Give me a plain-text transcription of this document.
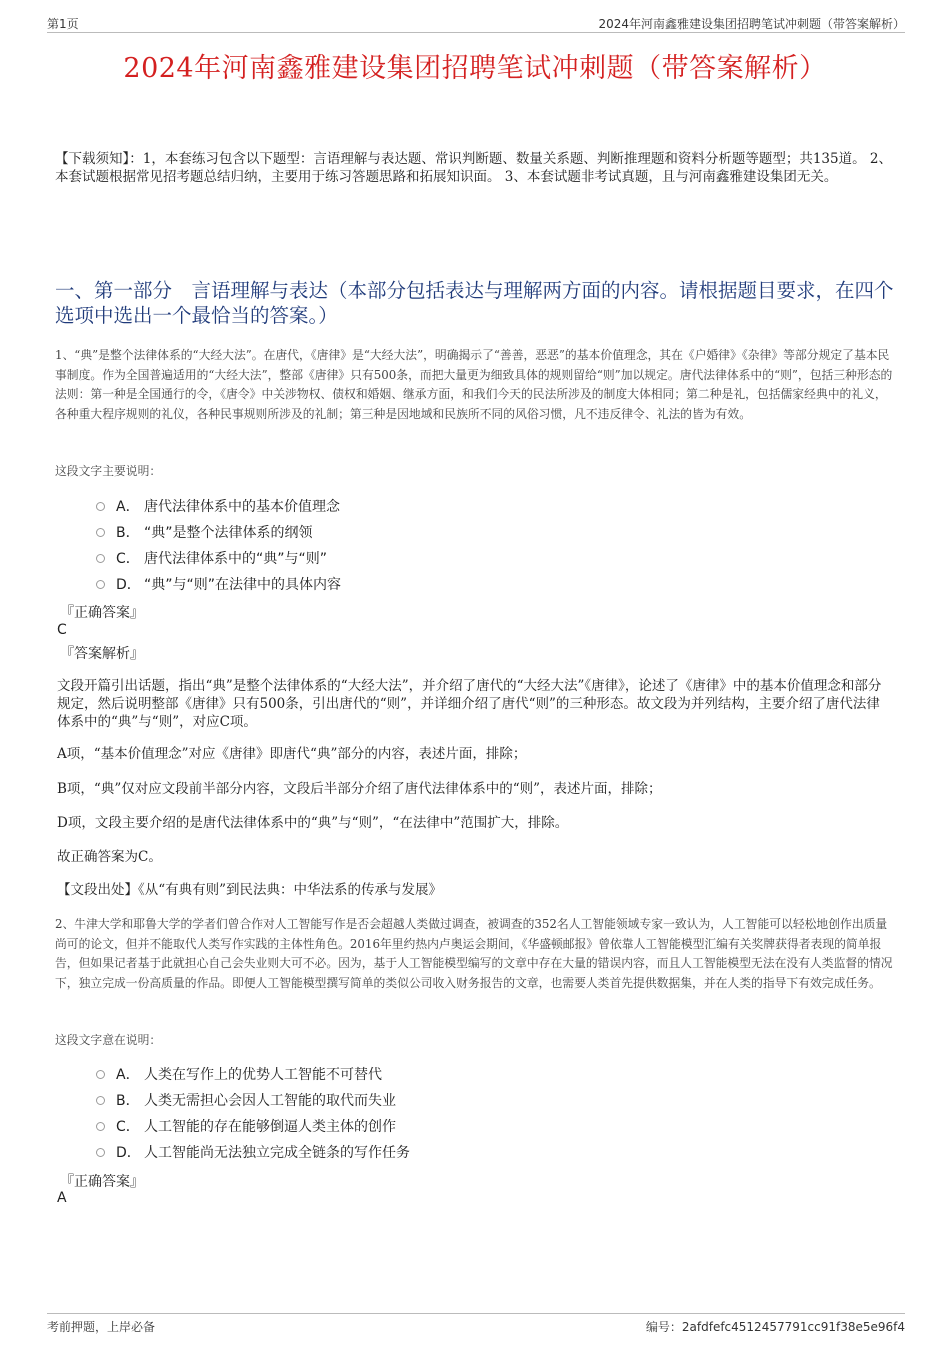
第1页	2024年河南鑫雅建设集团招聘笔试冲刺题（带答案解析）
2024年河南鑫雅建设集团招聘笔试冲刺题（带答案解析）
【下载须知】：1，本套练习包含以下题型：言语理解与表达题、常识判断题、数量关系题、判断推理题和资料分析题等题型；共135道。 2、本套试题根据常见招考题总结归纳，主要用于练习答题思路和拓展知识面。 3、本套试题非考试真题，且与河南鑫雅建设集团无关。
一、第一部分　言语理解与表达（本部分包括表达与理解两方面的内容。请根据题目要求，在四个选项中选出一个最恰当的答案。）
1、“典”是整个法律体系的“大经大法”。在唐代，《唐律》是“大经大法”，明确揭示了“善善，恶恶”的基本价值理念，其在《户婚律》《杂律》等部分规定了基本民事制度。作为全国普遍适用的“大经大法”，整部《唐律》只有500条，而把大量更为细致具体的规则留给“则”加以规定。唐代法律体系中的“则”，包括三种形态的法则：第一种是全国通行的令，《唐令》中关涉物权、债权和婚姻、继承方面，和我们今天的民法所涉及的制度大体相同；第二种是礼，包括儒家经典中的礼义，各种重大程序规则的礼仪，各种民事规则所涉及的礼制；第三种是因地域和民族所不同的风俗习惯，凡不违反律令、礼法的皆为有效。
这段文字主要说明：
A． 唐代法律体系中的基本价值理念
B． “典”是整个法律体系的纲领
C． 唐代法律体系中的“典”与“则”
D． “典”与“则”在法律中的具体内容
『正确答案』
C
『答案解析』
文段开篇引出话题，指出“典”是整个法律体系的“大经大法”，并介绍了唐代的“大经大法”《唐律》，论述了《唐律》中的基本价值理念和部分规定，然后说明整部《唐律》只有500条，引出唐代的“则”，并详细介绍了唐代“则”的三种形态。故文段为并列结构，主要介绍了唐代法律体系中的“典”与“则”，对应C项。
A项，“基本价值理念”对应《唐律》即唐代“典”部分的内容，表述片面，排除；
B项，“典”仅对应文段前半部分内容，文段后半部分介绍了唐代法律体系中的“则”，表述片面，排除；
D项，文段主要介绍的是唐代法律体系中的“典”与“则”，“在法律中”范围扩大，排除。
故正确答案为C。
【文段出处】《从“有典有则”到民法典：中华法系的传承与发展》
2、牛津大学和耶鲁大学的学者们曾合作对人工智能写作是否会超越人类做过调查，被调查的352名人工智能领域专家一致认为，人工智能可以轻松地创作出质量尚可的论文，但并不能取代人类写作实践的主体性角色。2016年里约热内卢奥运会期间，《华盛顿邮报》曾依靠人工智能模型汇编有关奖牌获得者表现的简单报告，但如果记者基于此就担心自己会失业则大可不必。因为，基于人工智能模型编写的文章中存在大量的错误内容，而且人工智能模型无法在没有人类监督的情况下，独立完成一份高质量的作品。即便人工智能模型撰写简单的类似公司收入财务报告的文章，也需要人类首先提供数据集，并在人类的指导下有效完成任务。
这段文字意在说明：
A． 人类在写作上的优势人工智能不可替代
B． 人类无需担心会因人工智能的取代而失业
C． 人工智能的存在能够倒逼人类主体的创作
D． 人工智能尚无法独立完成全链条的写作任务
『正确答案』
A
考前押题，上岸必备	编号：2afdfefc4512457791cc91f38e5e96f4
